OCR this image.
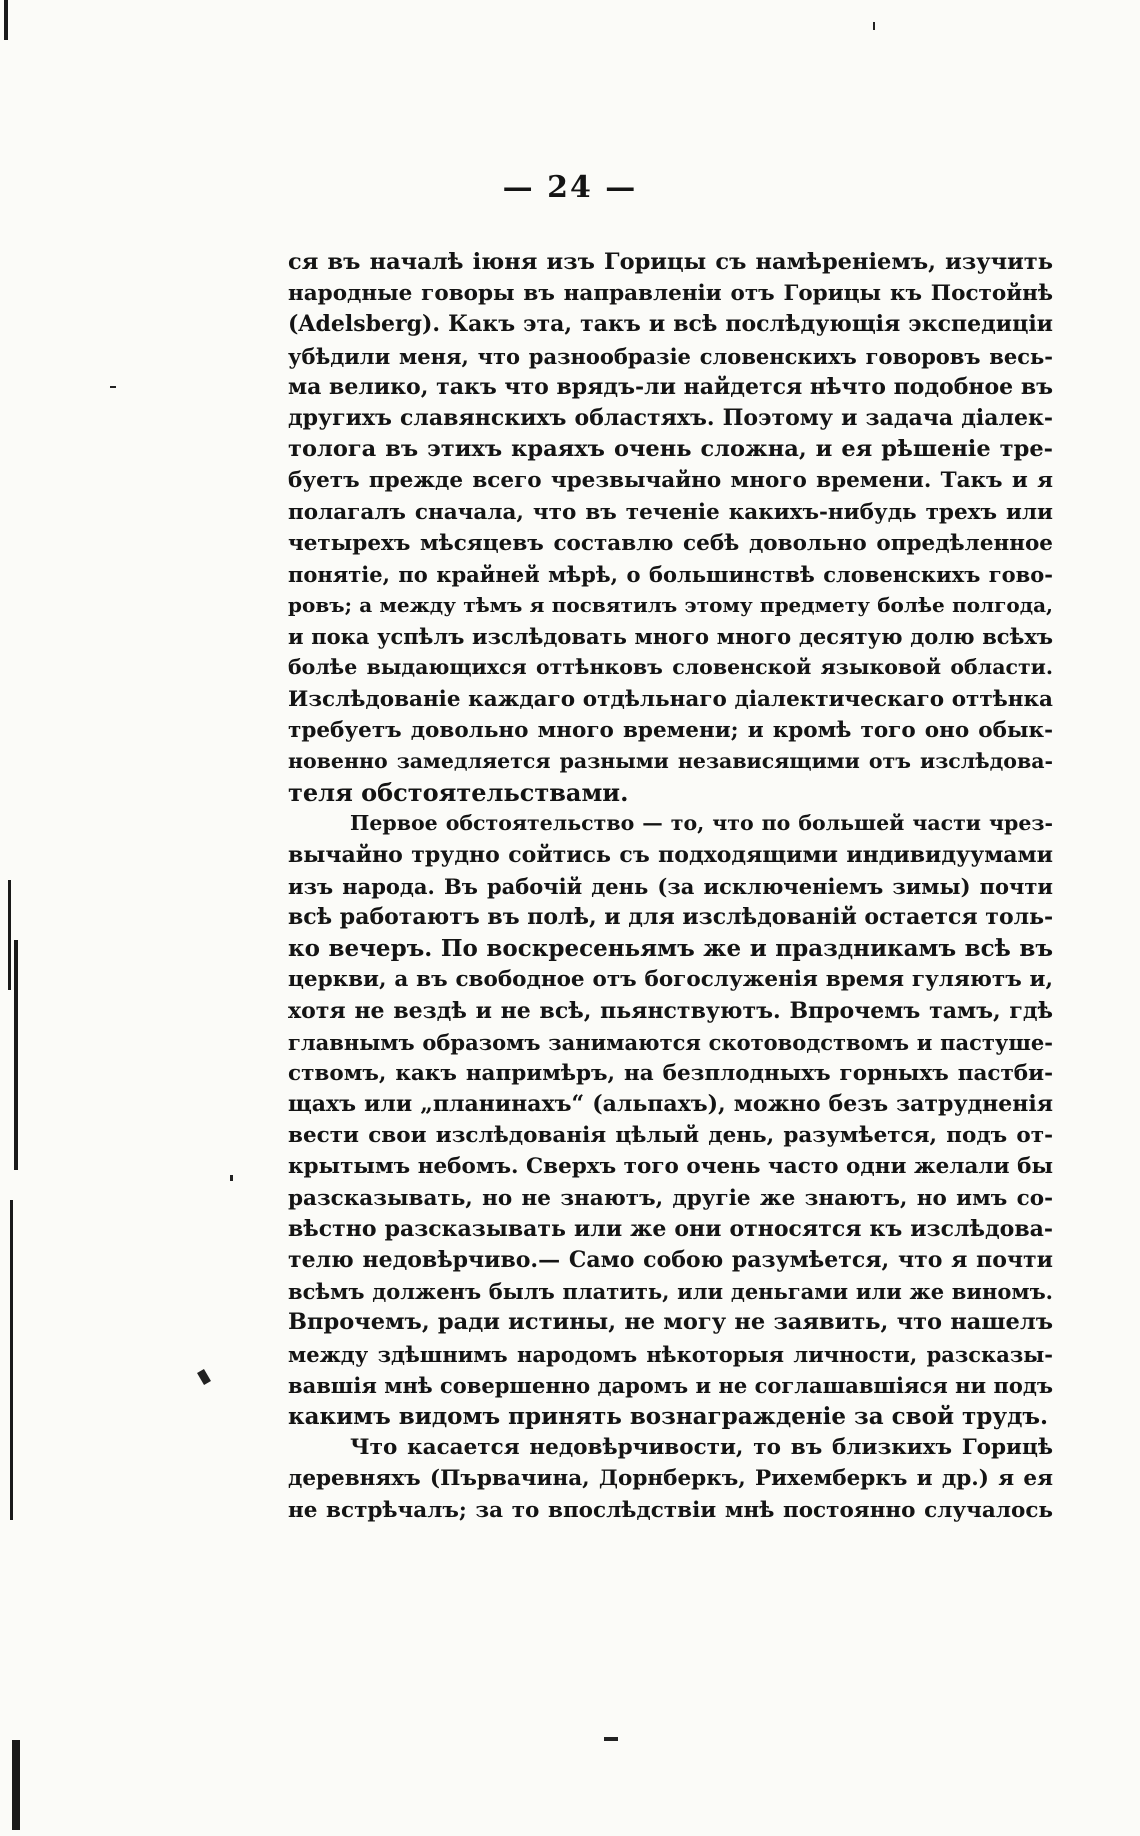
— 24 —
ся въ началѣ іюня изъ Горицы съ намѣреніемъ, изучить
народные говоры въ направленіи отъ Горицы къ Постойнѣ
(Adelsberg). Какъ эта, такъ и всѣ послѣдующія экспедиціи
убѣдили меня, что разнообразіе словенскихъ говоровъ весь-
ма велико, такъ что врядъ-ли найдется нѣчто подобное въ
другихъ славянскихъ областяхъ. Поэтому и задача діалек-
толога въ этихъ краяхъ очень сложна, и ея рѣшеніе тре-
буетъ прежде всего чрезвычайно много времени. Такъ и я
полагалъ сначала, что въ теченіе какихъ-нибудь трехъ или
четырехъ мѣсяцевъ составлю себѣ довольно опредѣленное
понятіе, по крайней мѣрѣ, о большинствѣ словенскихъ гово-
ровъ; а между тѣмъ я посвятилъ этому предмету болѣе полгода,
и пока успѣлъ изслѣдовать много много десятую долю всѣхъ
болѣе выдающихся оттѣнковъ словенской языковой области.
Изслѣдованіе каждаго отдѣльнаго діалектическаго оттѣнка
требуетъ довольно много времени; и кромѣ того оно обык-
новенно замедляется разными независящими отъ изслѣдова-
теля обстоятельствами.
Первое обстоятельство — то, что по большей части чрез-
вычайно трудно сойтись съ подходящими индивидуумами
изъ народа. Въ рабочій день (за исключеніемъ зимы) почти
всѣ работаютъ въ полѣ, и для изслѣдованій остается толь-
ко вечеръ. По воскресеньямъ же и праздникамъ всѣ въ
церкви, а въ свободное отъ богослуженія время гуляютъ и,
хотя не вездѣ и не всѣ, пьянствуютъ. Впрочемъ тамъ, гдѣ
главнымъ образомъ занимаются скотоводствомъ и пастуше-
ствомъ, какъ напримѣръ, на безплодныхъ горныхъ пастби-
щахъ или „планинахъ“ (альпахъ), можно безъ затрудненія
вести свои изслѣдованія цѣлый день, разумѣется, подъ от-
крытымъ небомъ. Сверхъ того очень часто одни желали бы
разсказывать, но не знаютъ, другіе же знаютъ, но имъ со-
вѣстно разсказывать или же они относятся къ изслѣдова-
телю недовѣрчиво.— Само собою разумѣется, что я почти
всѣмъ долженъ былъ платить, или деньгами или же виномъ.
Впрочемъ, ради истины, не могу не заявить, что нашелъ
между здѣшнимъ народомъ нѣкоторыя личности, разсказы-
вавшія мнѣ совершенно даромъ и не соглашавшіяся ни подъ
какимъ видомъ принять вознагражденіе за свой трудъ.
Что касается недовѣрчивости, то въ близкихъ Горицѣ
деревняхъ (Първачина, Дорнберкъ, Рихемберкъ и др.) я ея
не встрѣчалъ; за то впослѣдствіи мнѣ постоянно случалось
